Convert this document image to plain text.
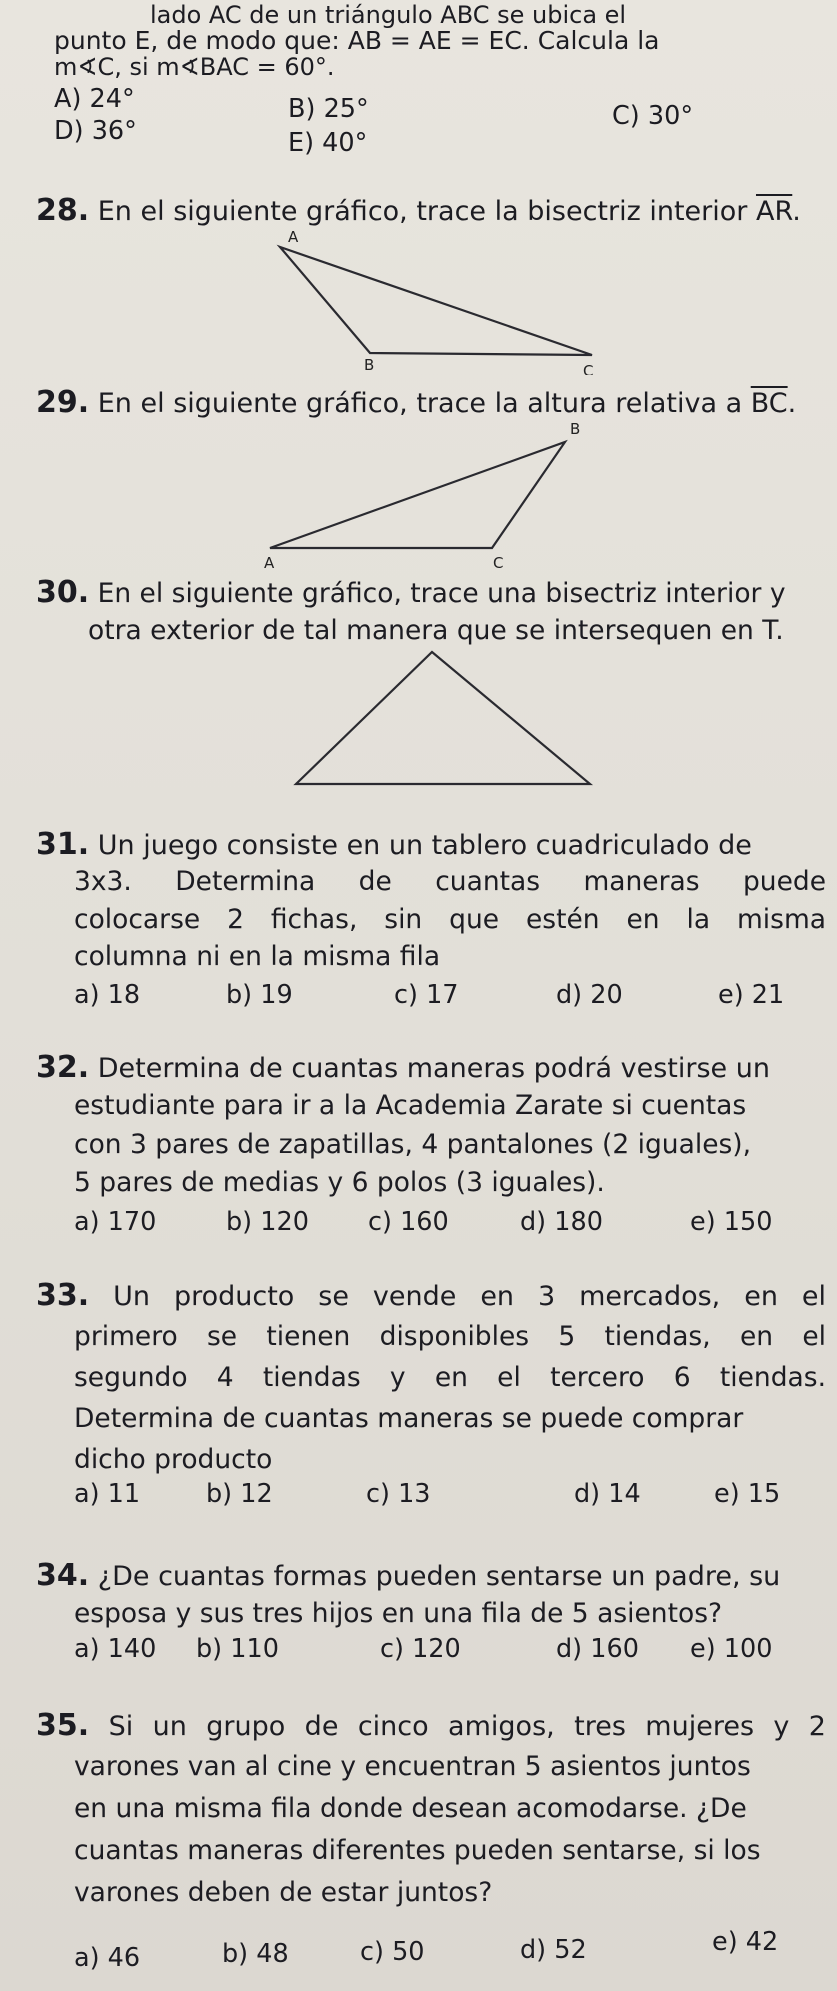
lado AC de un triángulo ABC se ubica el
punto E, de modo que: AB = AE = EC. Calcula la
m∢C, si m∢BAC = 60°.
A) 24°	B) 25°	C) 30°
D) 36°	E) 40°
28. En el siguiente gráfico, trace la bisectriz interior $\overline{AR}$.
A
B	C
29. En el siguiente gráfico, trace la altura relativa a $\overline{BC}$.
B
A	C
30. En el siguiente gráfico, trace una bisectriz interior y
otra exterior de tal manera que se intersequen en T.
31. Un juego consiste en un tablero cuadriculado de
3x3. Determina de cuantas maneras puede
colocarse 2 fichas, sin que estén en la misma
columna ni en la misma fila
a) 18	b) 19	c) 17	d) 20	e) 21
32. Determina de cuantas maneras podrá vestirse un
estudiante para ir a la Academia Zarate si cuentas
con 3 pares de zapatillas, 4 pantalones (2 iguales),
5 pares de medias y 6 polos (3 iguales).
a) 170	b) 120 c) 160	d) 180	e) 150
33. Un producto se vende en 3 mercados, en el
primero se tienen disponibles 5 tiendas, en el
segundo 4 tiendas y en el tercero 6 tiendas.
Determina de cuantas maneras se puede comprar
dicho producto
a) 11	b) 12	c) 13	d) 14	e) 15
34. ¿De cuantas formas pueden sentarse un padre, su
esposa y sus tres hijos en una fila de 5 asientos?
a) 140 b) 110	c) 120	d) 160 e) 100
35. Si un grupo de cinco amigos, tres mujeres y 2
varones van al cine y encuentran 5 asientos juntos
en una misma fila donde desean acomodarse. ¿De
cuantas maneras diferentes pueden sentarse, si los
varones deben de estar juntos?
a) 46	b) 48	c) 50	d) 52	e) 42
